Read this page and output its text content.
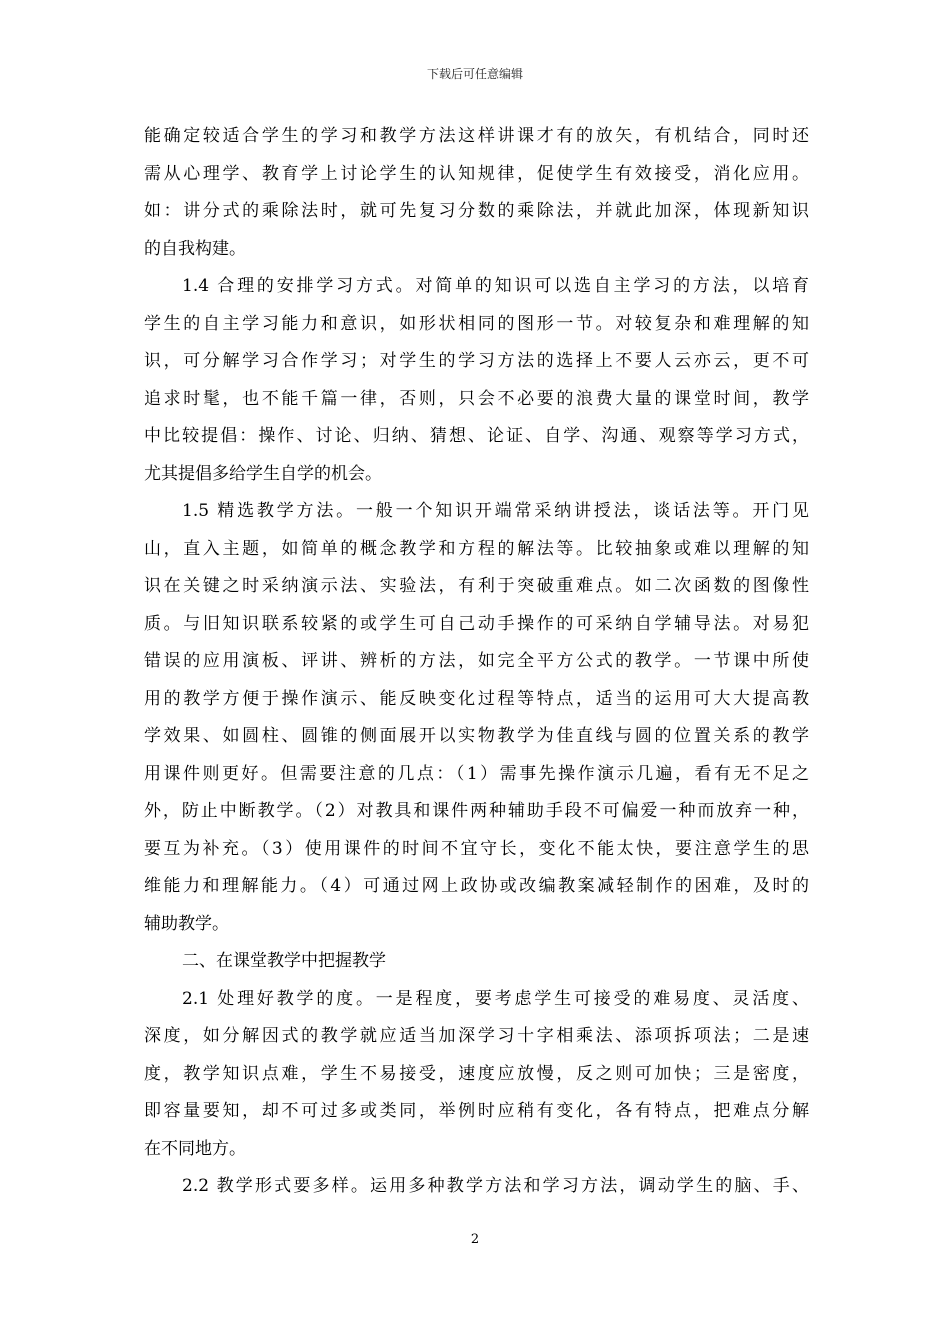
下载后可任意编辑
能确定较适合学生的学习和教学方法这样讲课才有的放矢，有机结合，同时还
需从心理学、教育学上讨论学生的认知规律，促使学生有效接受，消化应用。
如：讲分式的乘除法时，就可先复习分数的乘除法，并就此加深，体现新知识
的自我构建。
1.4 合理的安排学习方式。对简单的知识可以选自主学习的方法，以培育
学生的自主学习能力和意识，如形状相同的图形一节。对较复杂和难理解的知
识，可分解学习合作学习；对学生的学习方法的选择上不要人云亦云，更不可
追求时髦，也不能千篇一律，否则，只会不必要的浪费大量的课堂时间，教学
中比较提倡：操作、讨论、归纳、猜想、论证、自学、沟通、观察等学习方式，
尤其提倡多给学生自学的机会。
1.5 精选教学方法。一般一个知识开端常采纳讲授法，谈话法等。开门见
山，直入主题，如简单的概念教学和方程的解法等。比较抽象或难以理解的知
识在关键之时采纳演示法、实验法，有利于突破重难点。如二次函数的图像性
质。与旧知识联系较紧的或学生可自己动手操作的可采纳自学辅导法。对易犯
错误的应用演板、评讲、辨析的方法，如完全平方公式的教学。一节课中所使
用的教学方便于操作演示、能反映变化过程等特点，适当的运用可大大提高教
学效果、如圆柱、圆锥的侧面展开以实物教学为佳直线与圆的位置关系的教学
用课件则更好。但需要注意的几点：（1）需事先操作演示几遍，看有无不足之
外，防止中断教学。（2）对教具和课件两种辅助手段不可偏爱一种而放弃一种，
要互为补充。（3）使用课件的时间不宜守长，变化不能太快，要注意学生的思
维能力和理解能力。（4）可通过网上政协或改编教案减轻制作的困难，及时的
辅助教学。
二、在课堂教学中把握教学
2.1 处理好教学的度。一是程度，要考虑学生可接受的难易度、灵活度、
深度，如分解因式的教学就应适当加深学习十字相乘法、添项拆项法；二是速
度，教学知识点难，学生不易接受，速度应放慢，反之则可加快；三是密度，
即容量要知，却不可过多或类同，举例时应稍有变化，各有特点，把难点分解
在不同地方。
2.2 教学形式要多样。运用多种教学方法和学习方法，调动学生的脑、手、
2
